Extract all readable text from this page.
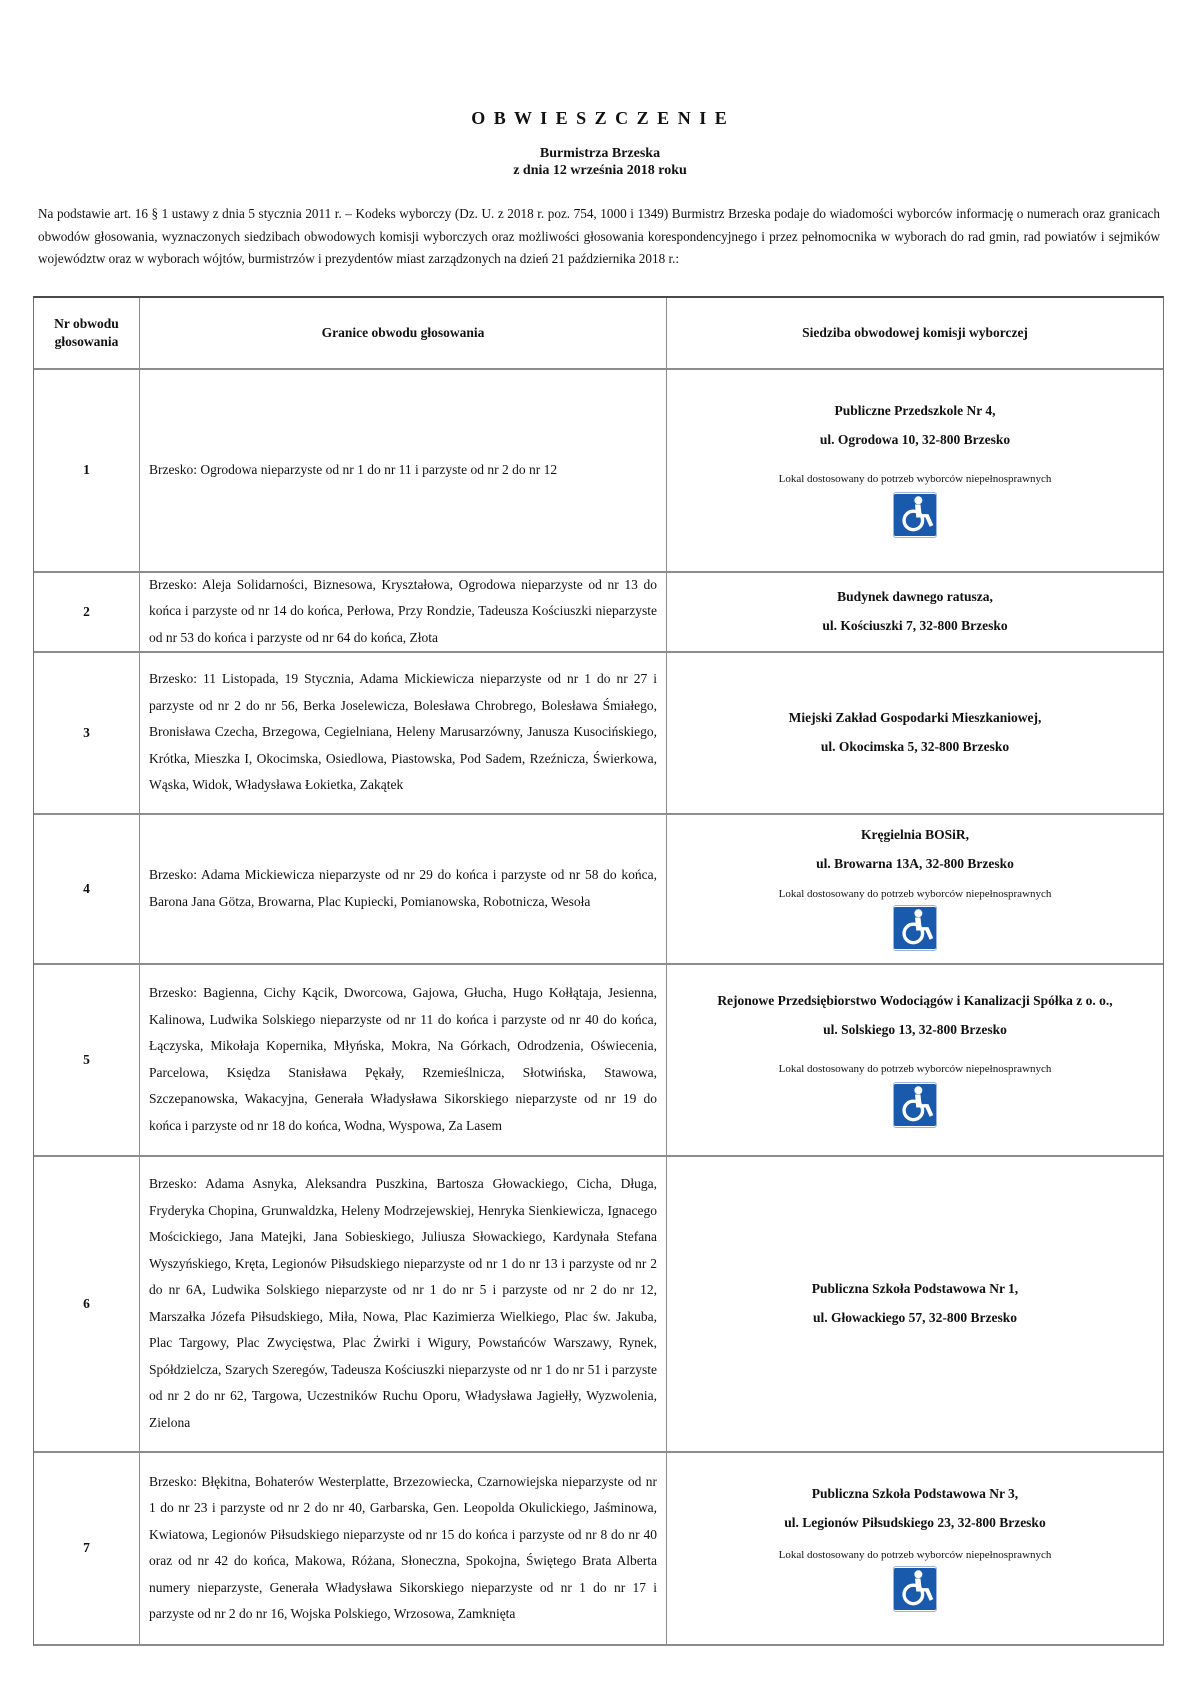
O B W I E S Z C Z E N I E
Burmistrza Brzeska
z dnia 12 września 2018 roku

Na podstawie art. 16 § 1 ustawy z dnia 5 stycznia 2011 r. – Kodeks wyborczy (Dz. U. z 2018 r. poz. 754, 1000 i 1349) Burmistrz Brzeska podaje do wiadomości wyborców informację o numerach oraz granicach obwodów głosowania, wyznaczonych siedzibach obwodowych komisji wyborczych oraz możliwości głosowania korespondencyjnego i przez pełnomocnika w wyborach do rad gmin, rad powiatów i sejmików województw oraz w wyborach wójtów, burmistrzów i prezydentów miast zarządzonych na dzień 21 października 2018 r.:

Nr obwodu głosowania
Granice obwodu głosowania	Siedziba obwodowej komisji wyborczej
1	Brzesko: Ogrodowa nieparzyste od nr 1 do nr 11 i parzyste od nr 2 do nr 12
Publiczne Przedszkole Nr 4,
ul. Ogrodowa 10, 32-800 Brzesko
Lokal dostosowany do potrzeb wyborców niepełnosprawnych
2
Brzesko: Aleja Solidarności, Biznesowa, Kryształowa, Ogrodowa nieparzyste od nr 13 do końca i parzyste od nr 14 do końca, Perłowa, Przy Rondzie, Tadeusza Kościuszki nieparzyste od nr 53 do końca i parzyste od nr 64 do końca, Złota
Budynek dawnego ratusza,
ul. Kościuszki 7, 32-800 Brzesko
3
Brzesko: 11 Listopada, 19 Stycznia, Adama Mickiewicza nieparzyste od nr 1 do nr 27 i parzyste od nr 2 do nr 56, Berka Joselewicza, Bolesława Chrobrego, Bolesława Śmiałego, Bronisława Czecha, Brzegowa, Cegielniana, Heleny Marusarzówny, Janusza Kusocińskiego, Krótka, Mieszka I, Okocimska, Osiedlowa, Piastowska, Pod Sadem, Rzeźnicza, Świerkowa, Wąska, Widok, Władysława Łokietka, Zakątek
Miejski Zakład Gospodarki Mieszkaniowej,
ul. Okocimska 5, 32-800 Brzesko
4
Brzesko: Adama Mickiewicza nieparzyste od nr 29 do końca i parzyste od nr 58 do końca, Barona Jana Götza, Browarna, Plac Kupiecki, Pomianowska, Robotnicza, Wesoła
Kręgielnia BOSiR,
ul. Browarna 13A, 32-800 Brzesko
Lokal dostosowany do potrzeb wyborców niepełnosprawnych
5
Brzesko: Bagienna, Cichy Kącik, Dworcowa, Gajowa, Głucha, Hugo Kołłątaja, Jesienna, Kalinowa, Ludwika Solskiego nieparzyste od nr 11 do końca i parzyste od nr 40 do końca, Łączyska, Mikołaja Kopernika, Młyńska, Mokra, Na Górkach, Odrodzenia, Oświecenia, Parcelowa, Księdza Stanisława Pękały, Rzemieślnicza, Słotwińska, Stawowa, Szczepanowska, Wakacyjna, Generała Władysława Sikorskiego nieparzyste od nr 19 do końca i parzyste od nr 18 do końca, Wodna, Wyspowa, Za Lasem
Rejonowe Przedsiębiorstwo Wodociągów i Kanalizacji Spółka z o. o.,
ul. Solskiego 13, 32-800 Brzesko
Lokal dostosowany do potrzeb wyborców niepełnosprawnych
6
Brzesko: Adama Asnyka, Aleksandra Puszkina, Bartosza Głowackiego, Cicha, Długa, Fryderyka Chopina, Grunwaldzka, Heleny Modrzejewskiej, Henryka Sienkiewicza, Ignacego Mościckiego, Jana Matejki, Jana Sobieskiego, Juliusza Słowackiego, Kardynała Stefana Wyszyńskiego, Kręta, Legionów Piłsudskiego nieparzyste od nr 1 do nr 13 i parzyste od nr 2 do nr 6A, Ludwika Solskiego nieparzyste od nr 1 do nr 5 i parzyste od nr 2 do nr 12, Marszałka Józefa Piłsudskiego, Miła, Nowa, Plac Kazimierza Wielkiego, Plac św. Jakuba, Plac Targowy, Plac Zwycięstwa, Plac Żwirki i Wigury, Powstańców Warszawy, Rynek, Spółdzielcza, Szarych Szeregów, Tadeusza Kościuszki nieparzyste od nr 1 do nr 51 i parzyste od nr 2 do nr 62, Targowa, Uczestników Ruchu Oporu, Władysława Jagiełły, Wyzwolenia, Zielona
Publiczna Szkoła Podstawowa Nr 1,
ul. Głowackiego 57, 32-800 Brzesko
7
Brzesko: Błękitna, Bohaterów Westerplatte, Brzezowiecka, Czarnowiejska nieparzyste od nr 1 do nr 23 i parzyste od nr 2 do nr 40, Garbarska, Gen. Leopolda Okulickiego, Jaśminowa, Kwiatowa, Legionów Piłsudskiego nieparzyste od nr 15 do końca i parzyste od nr 8 do nr 40 oraz od nr 42 do końca, Makowa, Różana, Słoneczna, Spokojna, Świętego Brata Alberta numery nieparzyste, Generała Władysława Sikorskiego nieparzyste od nr 1 do nr 17 i parzyste od nr 2 do nr 16, Wojska Polskiego, Wrzosowa, Zamknięta
Publiczna Szkoła Podstawowa Nr 3,
ul. Legionów Piłsudskiego 23, 32-800 Brzesko
Lokal dostosowany do potrzeb wyborców niepełnosprawnych
